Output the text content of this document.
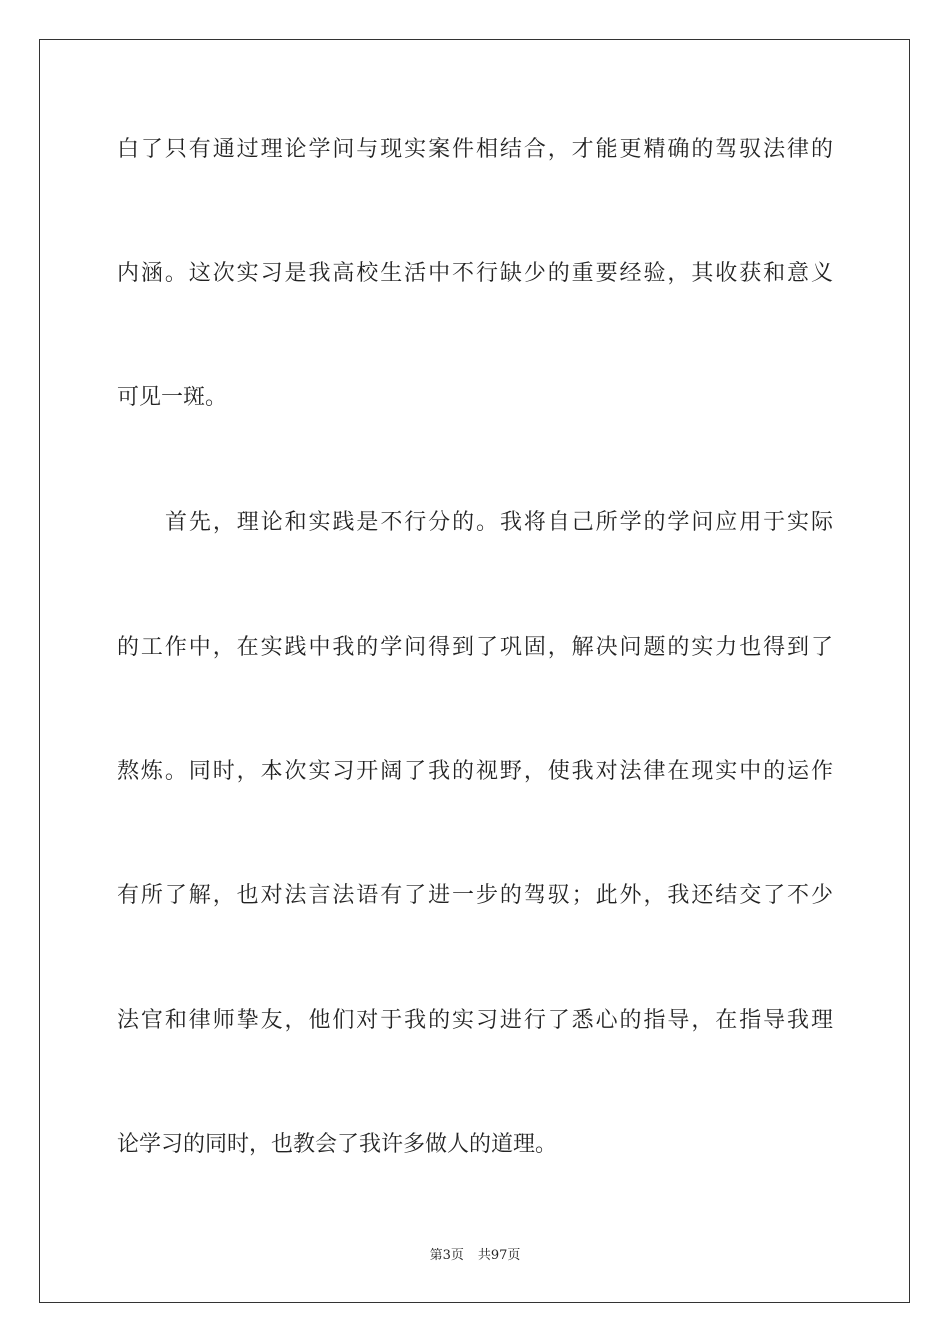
白了只有通过理论学问与现实案件相结合，才能更精确的驾驭法律的
内涵。这次实习是我高校生活中不行缺少的重要经验，其收获和意义
可见一斑。
首先，理论和实践是不行分的。我将自己所学的学问应用于实际
的工作中，在实践中我的学问得到了巩固，解决问题的实力也得到了
熬炼。同时，本次实习开阔了我的视野，使我对法律在现实中的运作
有所了解，也对法言法语有了进一步的驾驭；此外，我还结交了不少
法官和律师挚友，他们对于我的实习进行了悉心的指导，在指导我理
论学习的同时，也教会了我许多做人的道理。
第3页 共97页
